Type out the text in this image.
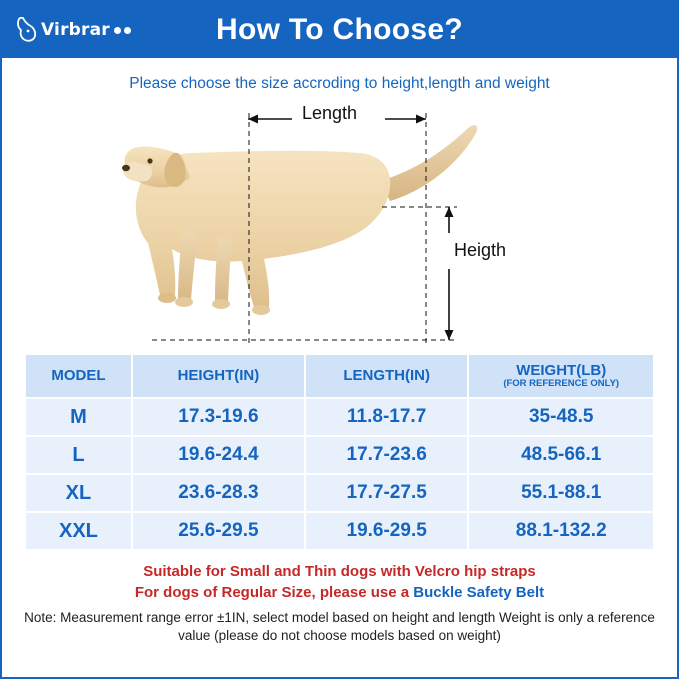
Virbrar	How To Choose?
Please choose the size accroding to height,length and weight
Length
Heigth
MODEL	HEIGHT(IN)	LENGTH(IN)	WEIGHT(LB)
(FOR REFERENCE ONLY)

M	17.3-19.6	11.8-17.7	35-48.5
L	19.6-24.4	17.7-23.6	48.5-66.1
XL	23.6-28.3	17.7-27.5	55.1-88.1
XXL	25.6-29.5	19.6-29.5	88.1-132.2
Suitable for Small and Thin dogs with Velcro hip straps
For dogs of Regular Size, please use a Buckle Safety Belt
Note: Measurement range error ±1IN, select model based on height and length Weight is only a reference value (please do not choose models based on weight)
